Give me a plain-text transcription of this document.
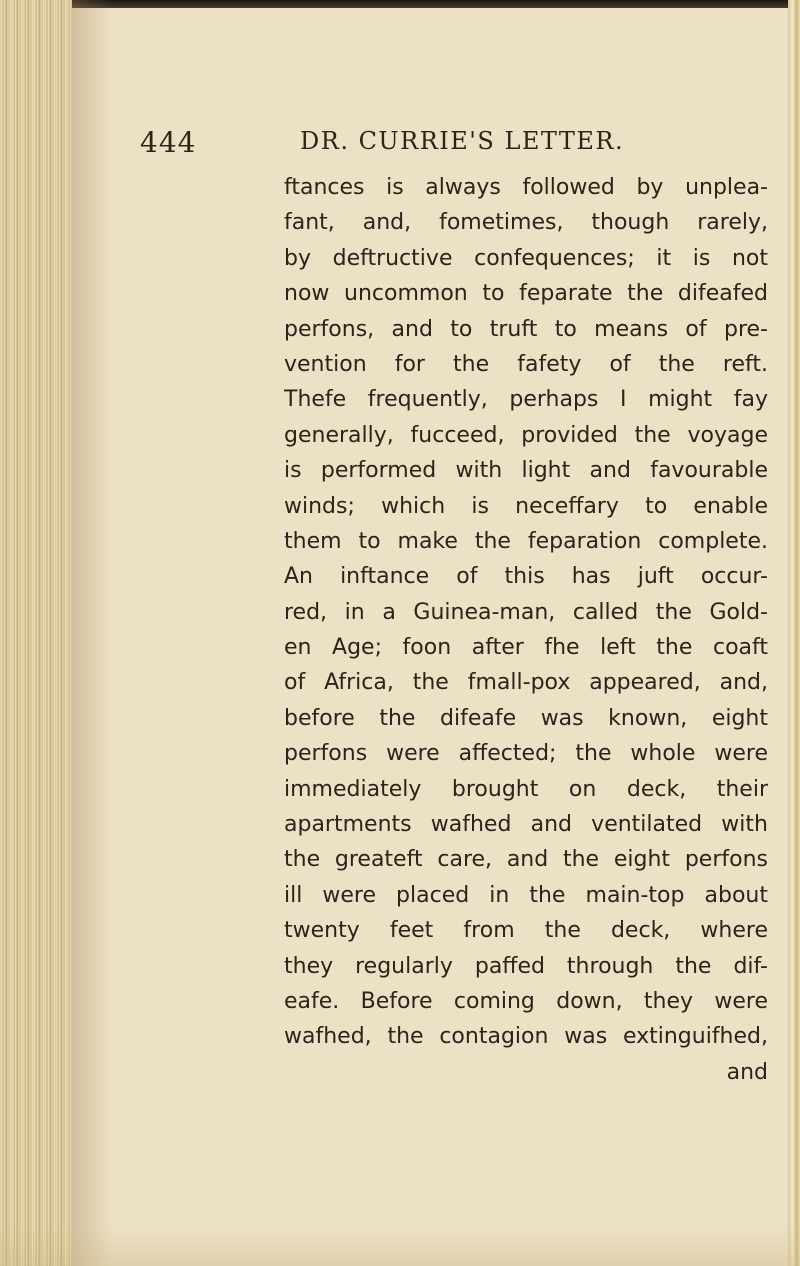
444	DR. CURRIE'S LETTER.
ftances is always followed by unplea-
fant, and, fometimes, though rarely,
by deftructive confequences; it is not
now uncommon to feparate the difeafed
perfons, and to truft to means of pre-
vention for the fafety of the reft.
Thefe frequently, perhaps I might fay
generally, fucceed, provided the voyage
is performed with light and favourable
winds; which is neceffary to enable
them to make the feparation complete.
An inftance of this has juft occur-
red, in a Guinea-man, called the Gold-
en Age; foon after fhe left the coaft
of Africa, the fmall-pox appeared, and,
before the difeafe was known, eight
perfons were affected; the whole were
immediately brought on deck, their
apartments wafhed and ventilated with
the greateft care, and the eight perfons
ill were placed in the main-top about
twenty feet from the deck, where
they regularly paffed through the dif-
eafe. Before coming down, they were
wafhed, the contagion was extinguifhed,
and
